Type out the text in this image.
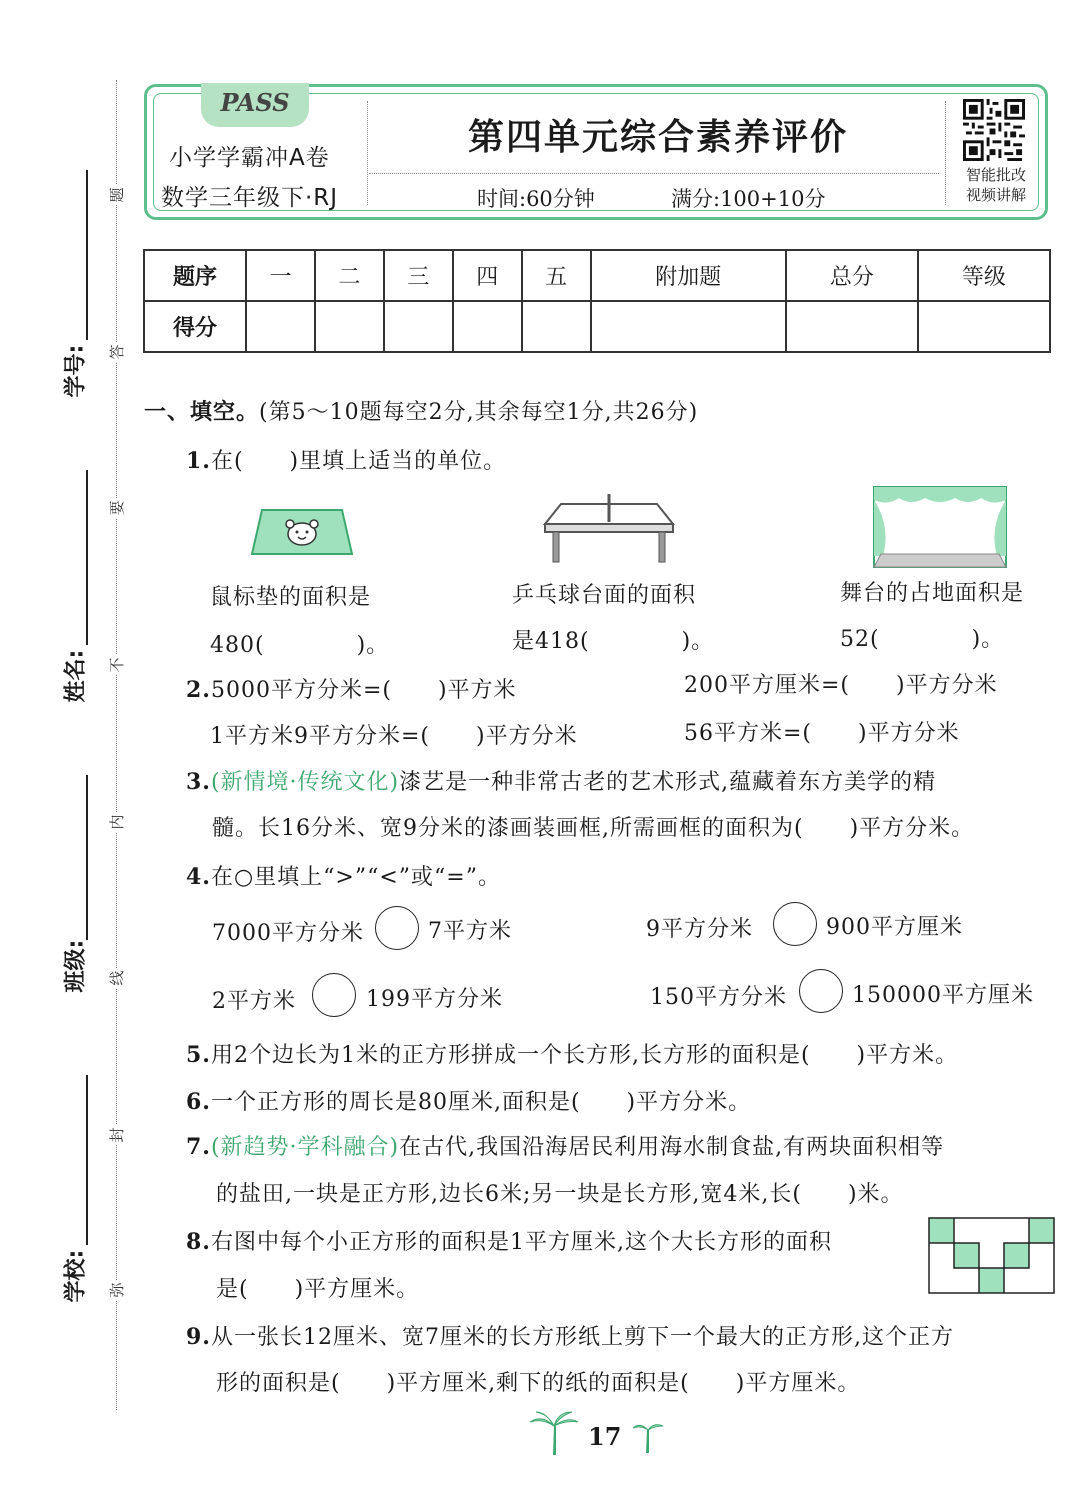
学号:
姓名:
班级:
学校:
题
答
要
不
内
线
封
弥
PASS
小学学霸冲A卷
数学三年级下·RJ
第四单元综合素养评价
时间:60分钟	满分:100+10分
智能批改
视频讲解
题序	一	二	三	四	五	附加题	总分	等级
得分								
一、填空。(第5～10题每空2分,其余每空1分,共26分)
1.在(　　)里填上适当的单位。
鼠标垫的面积是
480(　　　　)。
乒乓球台面的面积
是418(　　　　)。
舞台的占地面积是
52(　　　　)。
2.5000平方分米=(　　)平方米	200平方厘米=(　　)平方分米
1平方米9平方分米=(　　)平方分米	56平方米=(　　)平方分米
3.(新情境·传统文化)漆艺是一种非常古老的艺术形式,蕴藏着东方美学的精
髓。长16分米、宽9分米的漆画装画框,所需画框的面积为(　　)平方分米。
4.在○里填上“>”“<”或“=”。
7000平方分米	7平方米	9平方分米	900平方厘米
2平方米	199平方分米	150平方分米	150000平方厘米
5.用2个边长为1米的正方形拼成一个长方形,长方形的面积是(　　)平方米。
6.一个正方形的周长是80厘米,面积是(　　)平方分米。
7.(新趋势·学科融合)在古代,我国沿海居民利用海水制食盐,有两块面积相等
的盐田,一块是正方形,边长6米;另一块是长方形,宽4米,长(　　)米。
8.右图中每个小正方形的面积是1平方厘米,这个大长方形的面积
是(　　)平方厘米。
9.从一张长12厘米、宽7厘米的长方形纸上剪下一个最大的正方形,这个正方
形的面积是(　　)平方厘米,剩下的纸的面积是(　　)平方厘米。
17
